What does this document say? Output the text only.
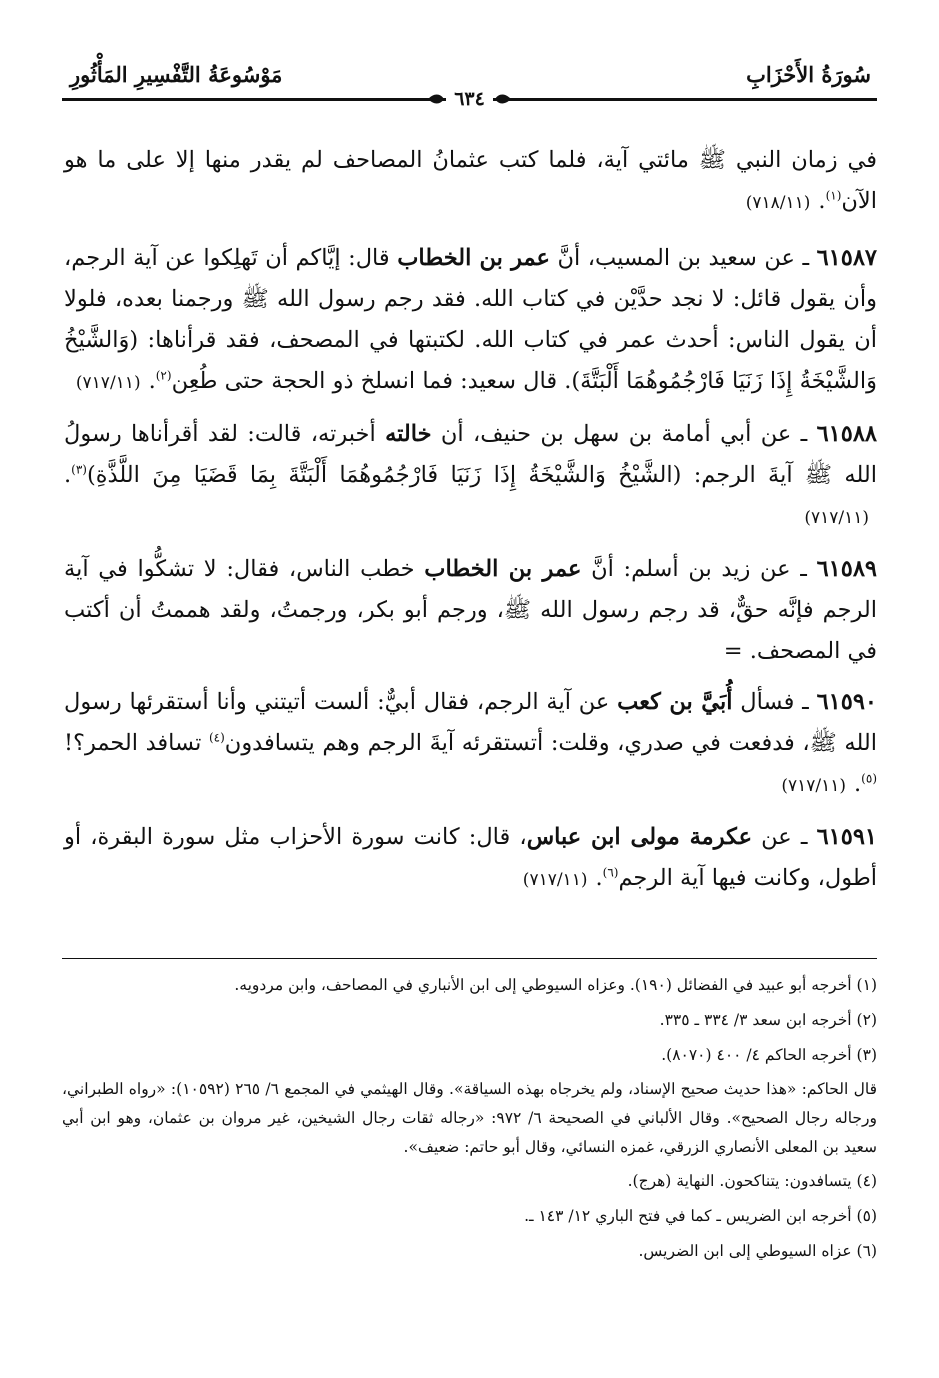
سُورَةُ الأَحْزَابِ
مَوْسُوعَةُ التَّفْسِيرِ المَأْثُورِ
٦٣٤
في زمان النبي ﷺ مائتي آية، فلما كتب عثمانُ المصاحف لم يقدر منها إلا على ما هو الآن$^{(١)}$.(٧١٨/١١)
٦١٥٨٧ ـ عن سعيد بن المسيب، أنَّ عمر بن الخطاب قال: إيَّاكم أن تَهلِكوا عن آية الرجم، وأن يقول قائل: لا نجد حدَّيْن في كتاب الله. فقد رجم رسول الله ﷺ ورجمنا بعده، فلولا أن يقول الناس: أحدث عمر في كتاب الله. لكتبتها في المصحف، فقد قرأناها: (وَالشَّيْخُ وَالشَّيْخَةُ إِذَا زَنَيَا فَارْجُمُوهُمَا أَلْبَتَّةَ). قال سعيد: فما انسلخ ذو الحجة حتى طُعِن$^{(٢)}$.(٧١٧/١١)
٦١٥٨٨ ـ عن أبي أمامة بن سهل بن حنيف، أن خالته أخبرته، قالت: لقد أقرأناها رسولُ الله ﷺ آيةَ الرجم: (الشَّيْخُ وَالشَّيْخَةُ إِذَا زَنَيَا فَارْجُمُوهُمَا أَلْبَتَّةَ بِمَا قَضَيَا مِنَ اللَّذَّةِ)$^{(٣)}$.(٧١٧/١١)
٦١٥٨٩ ـ عن زيد بن أسلم: أنَّ عمر بن الخطاب خطب الناس، فقال: لا تشكُّوا في آية الرجم فإنَّه حقٌّ، قد رجم رسول الله ﷺ، ورجم أبو بكر، ورجمتُ، ولقد هممتُ أن أكتب في المصحف. =
٦١٥٩٠ ـ فسأل أُبَيَّ بن كعب عن آية الرجم، فقال أبيٌّ: ألست أتيتني وأنا أستقرئها رسول الله ﷺ، فدفعت في صدري، وقلت: أتستقرئه آيةَ الرجم وهم يتسافدون$^{(٤)}$ تسافد الحمر؟!$^{(٥)}$.(٧١٧/١١)
٦١٥٩١ ـ عن عكرمة مولى ابن عباس، قال: كانت سورة الأحزاب مثل سورة البقرة، أو أطول، وكانت فيها آية الرجم$^{(٦)}$.(٧١٧/١١)
(١) أخرجه أبو عبيد في الفضائل (١٩٠). وعزاه السيوطي إلى ابن الأنباري في المصاحف، وابن مردويه.
(٢) أخرجه ابن سعد ٣/ ٣٣٤ ـ ٣٣٥.
(٣) أخرجه الحاكم ٤/ ٤٠٠ (٨٠٧٠).
قال الحاكم: «هذا حديث صحيح الإسناد، ولم يخرجاه بهذه السياقة». وقال الهيثمي في المجمع ٦/ ٢٦٥ (١٠٥٩٢): «رواه الطبراني، ورجاله رجال الصحيح». وقال الألباني في الصحيحة ٦/ ٩٧٢: «رجاله ثقات رجال الشيخين، غير مروان بن عثمان، وهو ابن أبي سعيد بن المعلى الأنصاري الزرقي، غمزه النسائي، وقال أبو حاتم: ضعيف».
(٤) يتسافدون: يتناكحون. النهاية (هرج).
(٥) أخرجه ابن الضريس ـ كما في فتح الباري ١٢/ ١٤٣ ـ.
(٦) عزاه السيوطي إلى ابن الضريس.
